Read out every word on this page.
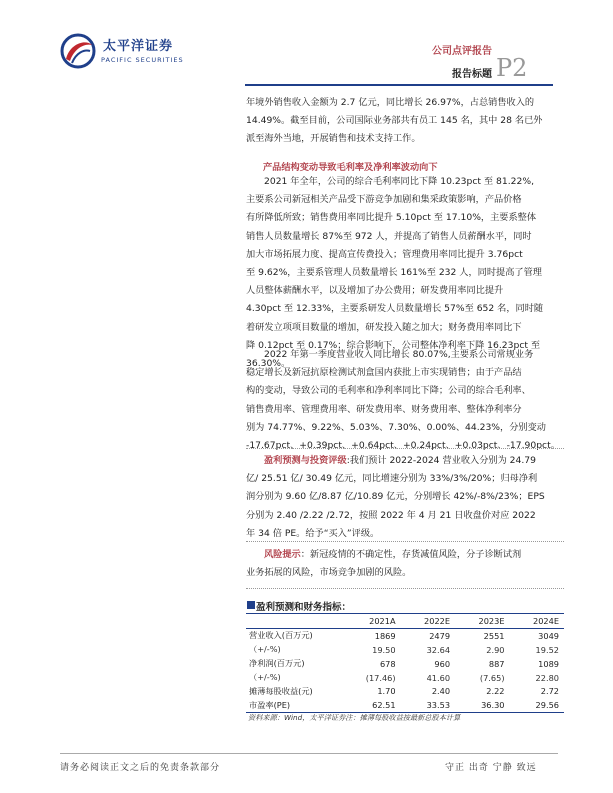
太平洋证券
PACIFIC SECURITIES
公司点评报告
报告标题 P2
年境外销售收入金额为 2.7 亿元，同比增长 26.97%，占总销售收入的
14.49%。截至目前，公司国际业务部共有员工 145 名，其中 28 名已外
派至海外当地，开展销售和技术支持工作。
产品结构变动导致毛利率及净利率波动向下
2021 年全年，公司的综合毛利率同比下降 10.23pct 至 81.22%,
主要系公司新冠相关产品受下游竞争加剧和集采政策影响，产品价格
有所降低所致；销售费用率同比提升 5.10pct 至 17.10%，主要系整体
销售人员数量增长 87%至 972 人，并提高了销售人员薪酬水平，同时
加大市场拓展力度、提高宣传费投入；管理费用率同比提升 3.76pct
至 9.62%，主要系管理人员数量增长 161%至 232 人，同时提高了管理
人员整体薪酬水平，以及增加了办公费用；研发费用率同比提升
4.30pct 至 12.33%，主要系研发人员数量增长 57%至 652 名，同时随
着研发立项项目数量的增加，研发投入随之加大；财务费用率同比下
降 0.12pct 至 0.17%；综合影响下，公司整体净利率下降 16.23pct 至
36.30%。
2022 年第一季度营业收入同比增长 80.07%,主要系公司常规业务
稳定增长及新冠抗原检测试剂盒国内获批上市实现销售；由于产品结
构的变动，导致公司的毛利率和净利率同比下降；公司的综合毛利率、
销售费用率、管理费用率、研发费用率、财务费用率、整体净利率分
别为 74.77%、9.22%、5.03%、7.30%、0.00%、44.23%，分别变动
-17.67pct、+0.39pct、+0.64pct、+0.24pct、+0.03pct、-17.90pct。
盈利预测与投资评级:我们预计 2022-2024 营业收入分别为 24.79
亿/ 25.51 亿/ 30.49 亿元，同比增速分别为 33%/3%/20%；归母净利
润分别为 9.60 亿/8.87 亿/10.89 亿元，分别增长 42%/-8%/23%；EPS
分别为 2.40 /2.22 /2.72，按照 2022 年 4 月 21 日收盘价对应 2022
年 34 倍 PE。给予“买入”评级。
风险提示：新冠疫情的不确定性，存货减值风险，分子诊断试剂
业务拓展的风险，市场竞争加剧的风险。
盈利预测和财务指标：
	2021A	2022E	2023E	2024E
营业收入(百万元)	1869	2479	2551	3049
（+/-%)	19.50	32.64	2.90	19.52
净利润(百万元)	678	960	887	1089
（+/-%)	(17.46)	41.60	(7.65)	22.80
摊薄每股收益(元)	1.70	2.40	2.22	2.72
市盈率(PE)	62.51	33.53	36.30	29.56
资料来源：Wind，太平洋证券注：摊薄每股收益按最新总股本计算
请务必阅读正文之后的免责条款部分	守正 出奇 宁静 致远
